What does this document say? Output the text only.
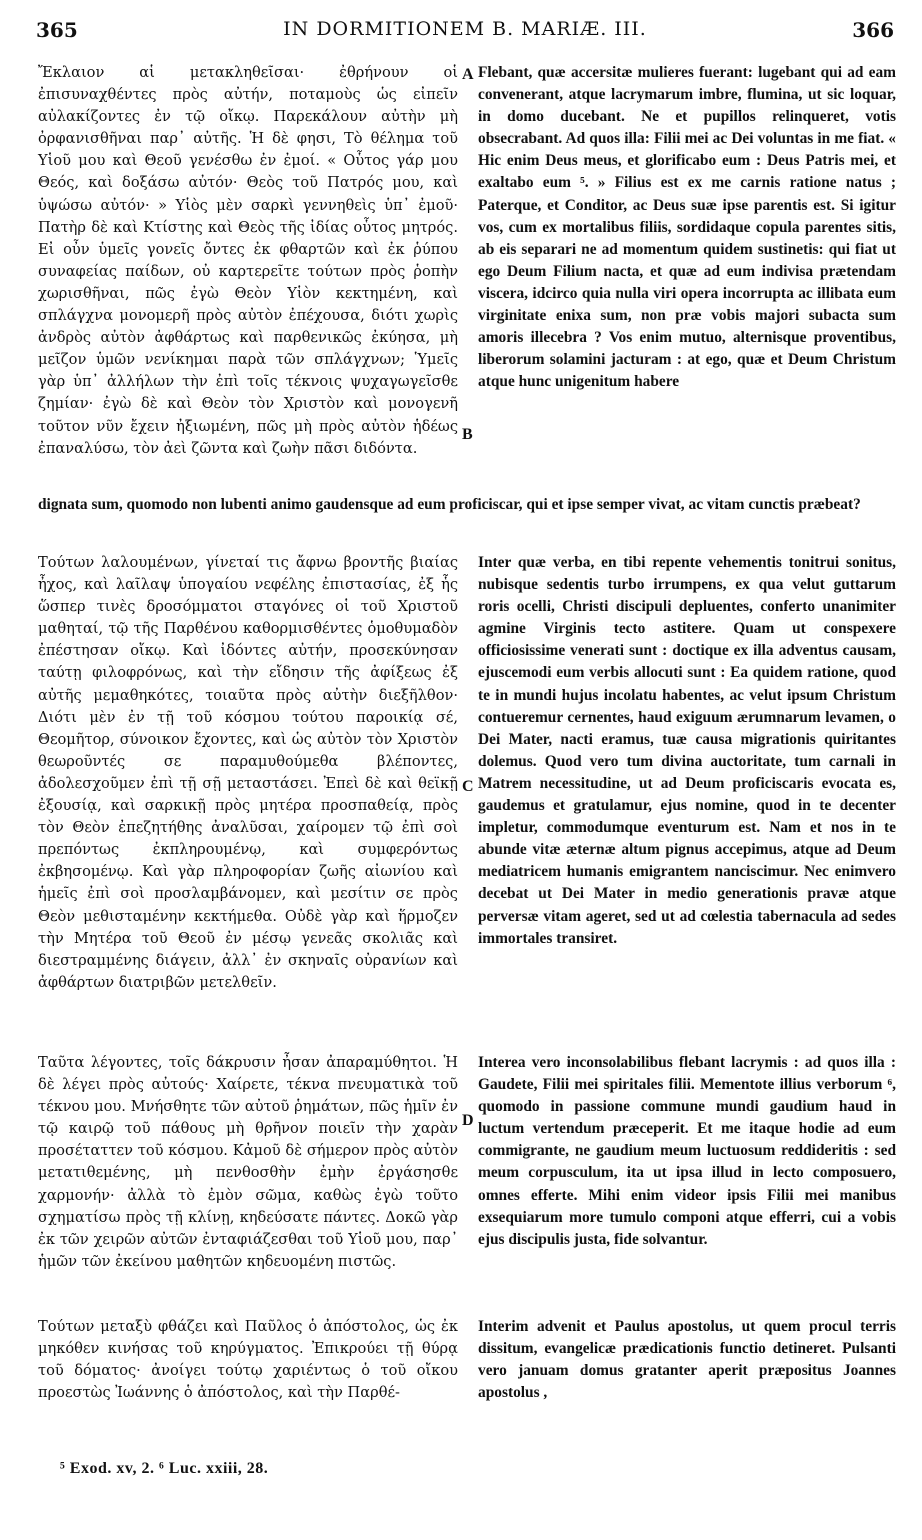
365	IN DORMITIONEM B. MARIÆ. III.	366

Ἔκλαιον αἱ μετακληθεῖσαι· ἐθρήνουν οἱ ἐπισυναχθέντες πρὸς αὐτήν, ποταμοὺς ὡς εἰπεῖν αὐλακίζοντες ἐν τῷ οἴκῳ. Παρεκάλουν αὐτὴν μὴ ὀρφανισθῆναι παρ᾽ αὐτῆς. Ἡ δὲ φησι, Τὸ θέλημα τοῦ Υἱοῦ μου καὶ Θεοῦ γενέσθω ἐν ἐμοί. « Οὗτος γάρ μου Θεός, καὶ δοξάσω αὐτόν· Θεὸς τοῦ Πατρός μου, καὶ ὑψώσω αὐτόν· » Υἱὸς μὲν σαρκὶ γεννηθεὶς ὑπ᾽ ἐμοῦ· Πατὴρ δὲ καὶ Κτίστης καὶ Θεὸς τῆς ἰδίας οὗτος μητρός. Εἰ οὖν ὑμεῖς γονεῖς ὄντες ἐκ φθαρτῶν καὶ ἐκ ῥύπου συναφείας παίδων, οὐ καρτερεῖτε τούτων πρὸς ῥοπὴν χωρισθῆναι, πῶς ἐγὼ Θεὸν Υἱὸν κεκτημένη, καὶ σπλάγχνα μονομερῆ πρὸς αὐτὸν ἐπέχουσα, διότι χωρὶς ἀνδρὸς αὐτὸν ἀφθάρτως καὶ παρθενικῶς ἐκύησα, μὴ μεῖζον ὑμῶν νενίκημαι παρὰ τῶν σπλάγχνων; Ὑμεῖς γὰρ ὑπ᾽ ἀλλήλων τὴν ἐπὶ τοῖς τέκνοις ψυχαγωγεῖσθε ζημίαν· ἐγὼ δὲ καὶ Θεὸν τὸν Χριστὸν καὶ μονογενῆ τοῦτον νῦν ἔχειν ἠξιωμένη, πῶς μὴ πρὸς αὐτὸν ἡδέως ἐπαναλύσω, τὸν ἀεὶ ζῶντα καὶ ζωὴν πᾶσι διδόντα.

Flebant, quæ accersitæ mulieres fuerant: lugebant qui ad eam convenerant, atque lacrymarum imbre, flumina, ut sic loquar, in domo ducebant. Ne et pupillos relinqueret, votis obsecrabant. Ad quos illa: Filii mei ac Dei voluntas in me fiat. « Hic enim Deus meus, et glorificabo eum : Deus Patris mei, et exaltabo eum ⁵. » Filius est ex me carnis ratione natus ; Paterque, et Conditor, ac Deus suæ ipse parentis est. Si igitur vos, cum ex mortalibus filiis, sordidaque copula parentes sitis, ab eis separari ne ad momentum quidem sustinetis: qui fiat ut ego Deum Filium nacta, et quæ ad eum indivisa prætendam viscera, idcirco quia nulla viri opera incorrupta ac illibata eum virginitate enixa sum, non præ vobis majori subacta sum amoris illecebra ? Vos enim mutuo, alternisque proventibus, liberorum solamini jacturam : at ego, quæ et Deum Christum atque hunc unigenitum habere

dignata sum, quomodo non lubenti animo gaudensque ad eum proficiscar, qui et ipse semper vivat, ac vitam cunctis præbeat?

Τούτων λαλουμένων, γίνεταί τις ἄφνω βροντῆς βιαίας ἦχος, καὶ λαῖλαψ ὑπογαίου νεφέλης ἐπιστασίας, ἐξ ἧς ὥσπερ τινὲς δροσόμματοι σταγόνες οἱ τοῦ Χριστοῦ μαθηταί, τῷ τῆς Παρθένου καθορμισθέντες ὁμοθυμαδὸν ἐπέστησαν οἴκῳ. Καὶ ἰδόντες αὐτήν, προσεκύνησαν ταύτῃ φιλοφρόνως, καὶ τὴν εἴδησιν τῆς ἀφίξεως ἐξ αὐτῆς μεμαθηκότες, τοιαῦτα πρὸς αὐτὴν διεξῆλθον· Διότι μὲν ἐν τῇ τοῦ κόσμου τούτου παροικίᾳ σέ, Θεομῆτορ, σύνοικον ἔχοντες, καὶ ὡς αὐτὸν τὸν Χριστὸν θεωροῦντές σε παραμυθούμεθα βλέποντες, ἀδολεσχοῦμεν ἐπὶ τῇ σῇ μεταστάσει. Ἐπεὶ δὲ καὶ θεϊκῇ ἐξουσίᾳ, καὶ σαρκικῇ πρὸς μητέρα προσπαθείᾳ, πρὸς τὸν Θεὸν ἐπεζητήθης ἀναλῦσαι, χαίρομεν τῷ ἐπὶ σοὶ πρεπόντως ἐκπληρουμένῳ, καὶ συμφερόντως ἐκβησομένῳ. Καὶ γὰρ πληροφορίαν ζωῆς αἰωνίου καὶ ἡμεῖς ἐπὶ σοὶ προσλαμβάνομεν, καὶ μεσίτιν σε πρὸς Θεὸν μεθισταμένην κεκτήμεθα. Οὐδὲ γὰρ καὶ ἥρμοζεν τὴν Μητέρα τοῦ Θεοῦ ἐν μέσῳ γενεᾶς σκολιᾶς καὶ διεστραμμένης διάγειν, ἀλλ᾽ ἐν σκηναῖς οὐρανίων καὶ ἀφθάρτων διατριβῶν μετελθεῖν.

Inter quæ verba, en tibi repente vehementis tonitrui sonitus, nubisque sedentis turbo irrumpens, ex qua velut guttarum roris ocelli, Christi discipuli depluentes, conferto unanimiter agmine Virginis tecto astitere. Quam ut conspexere officiosissime venerati sunt : doctique ex illa adventus causam, ejuscemodi eum verbis allocuti sunt : Ea quidem ratione, quod te in mundi hujus incolatu habentes, ac velut ipsum Christum contueremur cernentes, haud exiguum ærumnarum levamen, o Dei Mater, nacti eramus, tuæ causa migrationis quiritantes dolemus. Quod vero tum divina auctoritate, tum carnali in Matrem necessitudine, ut ad Deum proficiscaris evocata es, gaudemus et gratulamur, ejus nomine, quod in te decenter impletur, commodumque eventurum est. Nam et nos in te abunde vitæ æternæ altum pignus accepimus, atque ad Deum mediatricem humanis emigrantem nanciscimur. Nec enimvero decebat ut Dei Mater in medio generationis pravæ atque perversæ vitam ageret, sed ut ad cœlestia tabernacula ad sedes immortales transiret.

Ταῦτα λέγοντες, τοῖς δάκρυσιν ἦσαν ἀπαραμύθητοι. Ἡ δὲ λέγει πρὸς αὐτούς· Χαίρετε, τέκνα πνευματικὰ τοῦ τέκνου μου. Μνήσθητε τῶν αὐτοῦ ῥημάτων, πῶς ἡμῖν ἐν τῷ καιρῷ τοῦ πάθους μὴ θρῆνον ποιεῖν τὴν χαρὰν προσέταττεν τοῦ κόσμου. Κἀμοῦ δὲ σήμερον πρὸς αὐτὸν μετατιθεμένης, μὴ πενθοσθὴν ἐμὴν ἐργάσησθε χαρμονήν· ἀλλὰ τὸ ἐμὸν σῶμα, καθὼς ἐγὼ τοῦτο σχηματίσω πρὸς τῇ κλίνῃ, κηδεύσατε πάντες. Δοκῶ γὰρ ἐκ τῶν χειρῶν αὐτῶν ἐνταφιάζεσθαι τοῦ Υἱοῦ μου, παρ᾽ ἡμῶν τῶν ἐκείνου μαθητῶν κηδευομένη πιστῶς.

Interea vero inconsolabilibus flebant lacrymis : ad quos illa : Gaudete, Filii mei spiritales filii. Mementote illius verborum ⁶, quomodo in passione commune mundi gaudium haud in luctum vertendum præceperit. Et me itaque hodie ad eum commigrante, ne gaudium meum luctuosum reddideritis : sed meum corpusculum, ita ut ipsa illud in lecto composuero, omnes efferte. Mihi enim videor ipsis Filii mei manibus exsequiarum more tumulo componi atque efferri, cui a vobis ejus discipulis justa, fide solvantur.

Τούτων μεταξὺ φθάζει καὶ Παῦλος ὁ ἀπόστολος, ὡς ἐκ μηκόθεν κινήσας τοῦ κηρύγματος. Ἐπικρούει τῇ θύρᾳ τοῦ δόματος· ἀνοίγει τούτῳ χαριέντως ὁ τοῦ οἴκου προεστὼς Ἰωάννης ὁ ἀπόστολος, καὶ τὴν Παρθέ-

Interim advenit et Paulus apostolus, ut quem procul terris dissitum, evangelicæ prædicationis functio detineret. Pulsanti vero januam domus gratanter aperit præpositus Joannes apostolus ,

A
B
C
D
⁵ Exod. xv, 2. ⁶ Luc. xxiii, 28.
